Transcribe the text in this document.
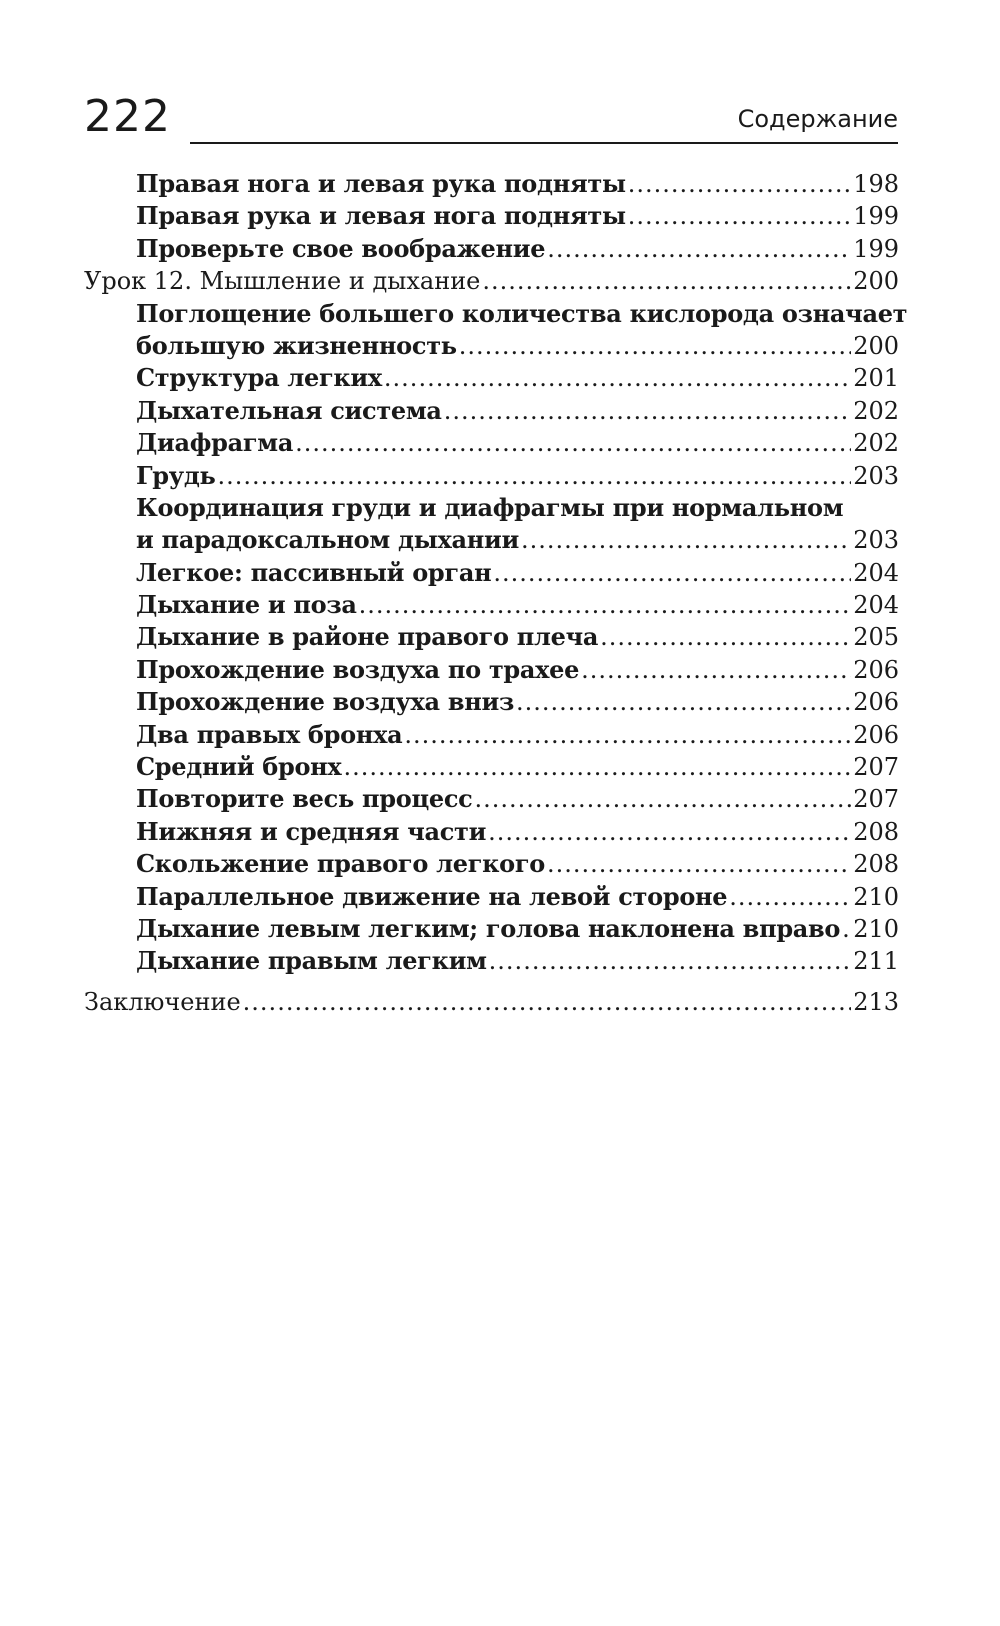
222	Содержание
Правая нога и левая рука подняты .....	198
Правая рука и левая нога подняты .....	199
Проверьте свое воображение .....	199
Урок 12. Мышление и дыхание .....	200
Поглощение большего количества кислорода означает
большую жизненность .....	200
Структура легких .....	201
Дыхательная система .....	202
Диафрагма .....	202
Грудь .....	203
Координация груди и диафрагмы при нормальном
и парадоксальном дыхании .....	203
Легкое: пассивный орган .....	204
Дыхание и поза .....	204
Дыхание в районе правого плеча .....	205
Прохождение воздуха по трахее .....	206
Прохождение воздуха вниз .....	206
Два правых бронха .....	206
Средний бронх .....	207
Повторите весь процесс .....	207
Нижняя и средняя части .....	208
Скольжение правого легкого .....	208
Параллельное движение на левой стороне .....	210
Дыхание левым легким; голова наклонена вправо ..... 210
Дыхание правым легким .....	211
Заключение .....	213
